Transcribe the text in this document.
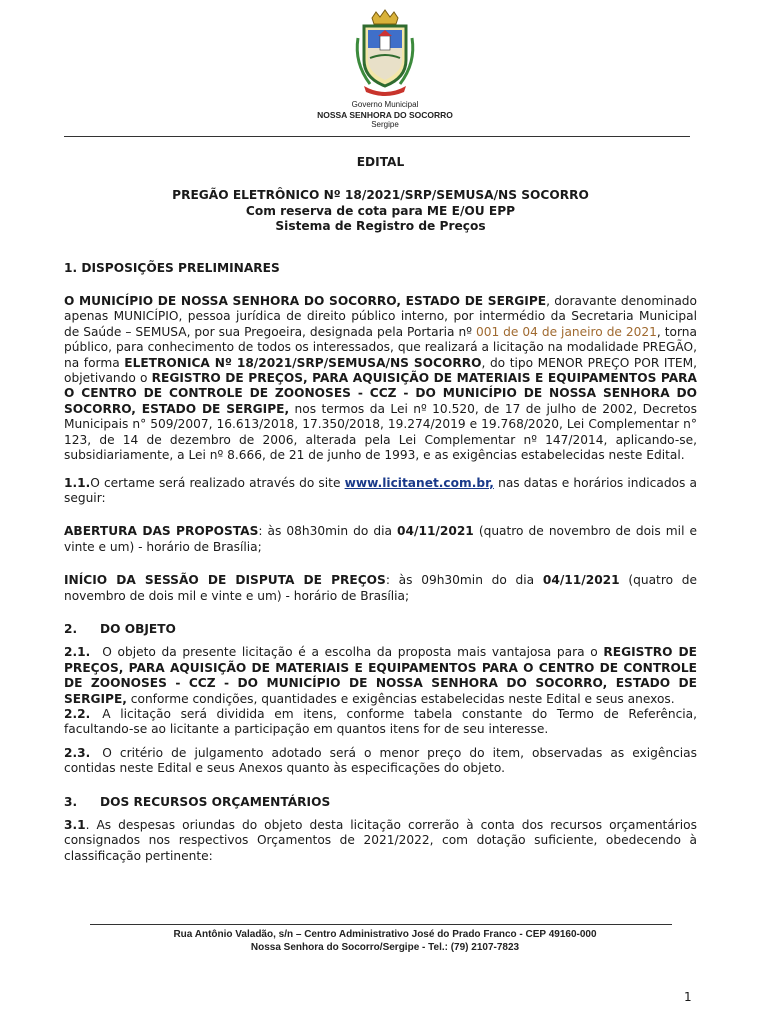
Governo Municipal
NOSSA SENHORA DO SOCORRO
Sergipe
EDITAL
PREGÃO ELETRÔNICO Nº 18/2021/SRP/SEMUSA/NS SOCORRO
Com reserva de cota para ME E/OU EPP
Sistema de Registro de Preços
1. DISPOSIÇÕES PRELIMINARES
O MUNICÍPIO DE NOSSA SENHORA DO SOCORRO, ESTADO DE SERGIPE, doravante denominado apenas MUNICÍPIO, pessoa jurídica de direito público interno, por intermédio da Secretaria Municipal de Saúde – SEMUSA, por sua Pregoeira, designada pela Portaria nº 001 de 04 de janeiro de 2021, torna público, para conhecimento de todos os interessados, que realizará a licitação na modalidade PREGÃO, na forma ELETRONICA Nº 18/2021/SRP/SEMUSA/NS SOCORRO, do tipo MENOR PREÇO POR ITEM, objetivando o REGISTRO DE PREÇOS, PARA AQUISIÇÃO DE MATERIAIS E EQUIPAMENTOS PARA O CENTRO DE CONTROLE DE ZOONOSES - CCZ - DO MUNICÍPIO DE NOSSA SENHORA DO SOCORRO, ESTADO DE SERGIPE, nos termos da Lei nº 10.520, de 17 de julho de 2002, Decretos Municipais n° 509/2007, 16.613/2018, 17.350/2018, 19.274/2019 e 19.768/2020, Lei Complementar n° 123, de 14 de dezembro de 2006, alterada pela Lei Complementar nº 147/2014, aplicando-se, subsidiariamente, a Lei nº 8.666, de 21 de junho de 1993, e as exigências estabelecidas neste Edital.
1.1.O certame será realizado através do site www.licitanet.com.br, nas datas e horários indicados a seguir:
ABERTURA DAS PROPOSTAS: às 08h30min do dia 04/11/2021 (quatro de novembro de dois mil e vinte e um) - horário de Brasília;
INÍCIO DA SESSÃO DE DISPUTA DE PREÇOS: às 09h30min do dia 04/11/2021 (quatro de novembro de dois mil e vinte e um) - horário de Brasília;
2. DO OBJETO
2.1. O objeto da presente licitação é a escolha da proposta mais vantajosa para o REGISTRO DE PREÇOS, PARA AQUISIÇÃO DE MATERIAIS E EQUIPAMENTOS PARA O CENTRO DE CONTROLE DE ZOONOSES - CCZ - DO MUNICÍPIO DE NOSSA SENHORA DO SOCORRO, ESTADO DE SERGIPE, conforme condições, quantidades e exigências estabelecidas neste Edital e seus anexos.
2.2. A licitação será dividida em itens, conforme tabela constante do Termo de Referência, facultando-se ao licitante a participação em quantos itens for de seu interesse.
2.3. O critério de julgamento adotado será o menor preço do item, observadas as exigências contidas neste Edital e seus Anexos quanto às especificações do objeto.
3. DOS RECURSOS ORÇAMENTÁRIOS
3.1. As despesas oriundas do objeto desta licitação correrão à conta dos recursos orçamentários consignados nos respectivos Orçamentos de 2021/2022, com dotação suficiente, obedecendo à classificação pertinente:
Rua Antônio Valadão, s/n – Centro Administrativo José do Prado Franco - CEP 49160-000
Nossa Senhora do Socorro/Sergipe - Tel.: (79) 2107-7823
1
